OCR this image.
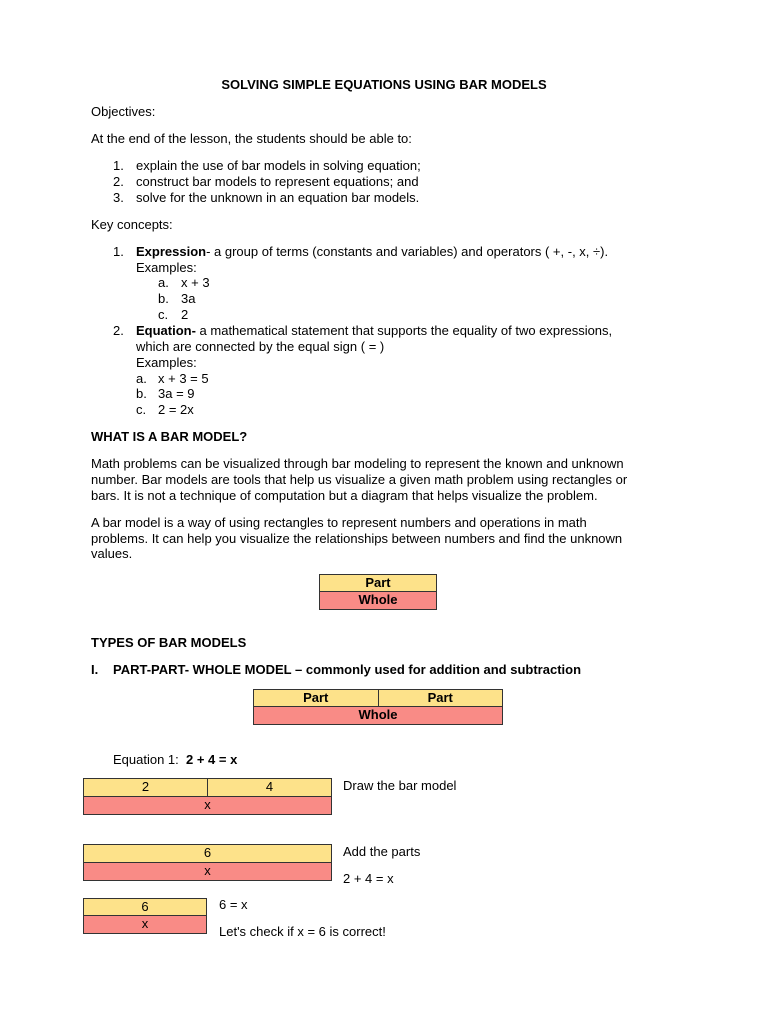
SOLVING SIMPLE EQUATIONS USING BAR MODELS
Objectives:
At the end of the lesson, the students should be able to:
1. explain the use of bar models in solving equation;
2. construct bar models to represent equations; and
3. solve for the unknown in an equation bar models.
Key concepts:
1. Expression- a group of terms (constants and variables) and operators ( +, -, x, ÷).
Examples:
a. x + 3
b. 3a
c. 2
2. Equation- a mathematical statement that supports the equality of two expressions,
which are connected by the equal sign ( = )
Examples:
a. x + 3 = 5
b. 3a = 9
c. 2 = 2x
WHAT IS A BAR MODEL?
Math problems can be visualized through bar modeling to represent the known and unknown
number. Bar models are tools that help us visualize a given math problem using rectangles or
bars. It is not a technique of computation but a diagram that helps visualize the problem.
A bar model is a way of using rectangles to represent numbers and operations in math
problems. It can help you visualize the relationships between numbers and find the unknown
values.
Part
Whole
TYPES OF BAR MODELS
I. PART-PART- WHOLE MODEL – commonly used for addition and subtraction
Part	Part
Whole
Equation 1: 2 + 4 = x
2	4
x
Draw the bar model
6
x
Add the parts
2 + 4 = x
6
x
6 = x
Let's check if x = 6 is correct!
